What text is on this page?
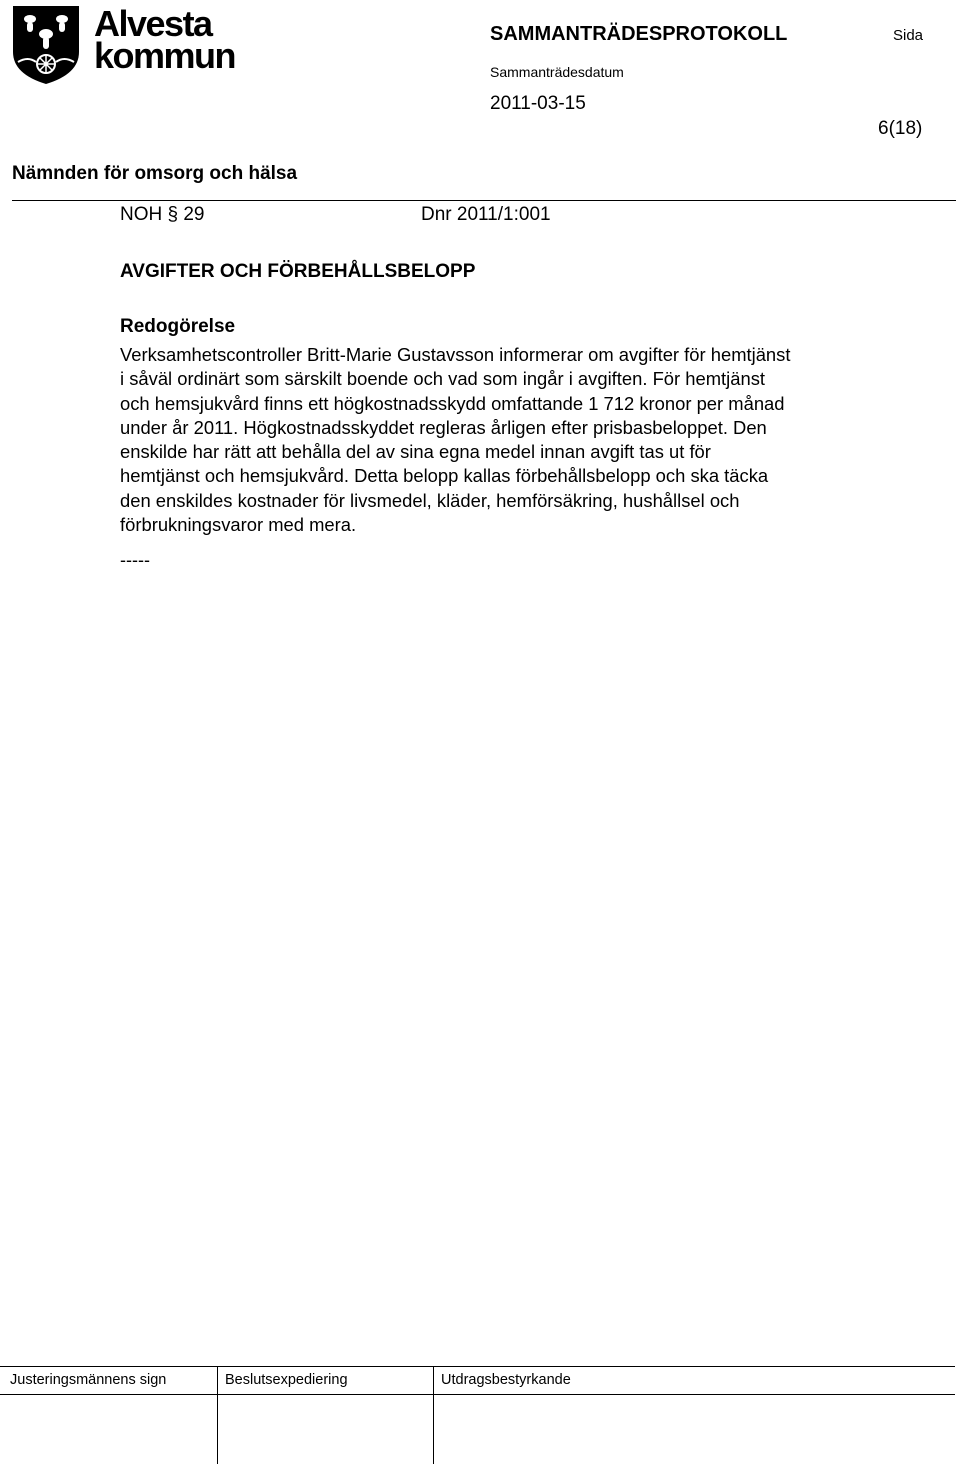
Alvesta
kommun
SAMMANTRÄDESPROTOKOLL	Sida
Sammanträdesdatum
2011-03-15
6(18)
Nämnden för omsorg och hälsa
NOH § 29	Dnr 2011/1:001
AVGIFTER OCH FÖRBEHÅLLSBELOPP
Redogörelse
Verksamhetscontroller Britt-Marie Gustavsson informerar om avgifter för hemtjänst
i såväl ordinärt som särskilt boende och vad som ingår i avgiften. För hemtjänst
och hemsjukvård finns ett högkostnadsskydd omfattande 1 712 kronor per månad
under år 2011. Högkostnadsskyddet regleras årligen efter prisbasbeloppet. Den
enskilde har rätt att behålla del av sina egna medel innan avgift tas ut för
hemtjänst och hemsjukvård. Detta belopp kallas förbehållsbelopp och ska täcka
den enskildes kostnader för livsmedel, kläder, hemförsäkring, hushållsel och
förbrukningsvaror med mera.
-----
Justeringsmännens sign	Beslutsexpediering	Utdragsbestyrkande
